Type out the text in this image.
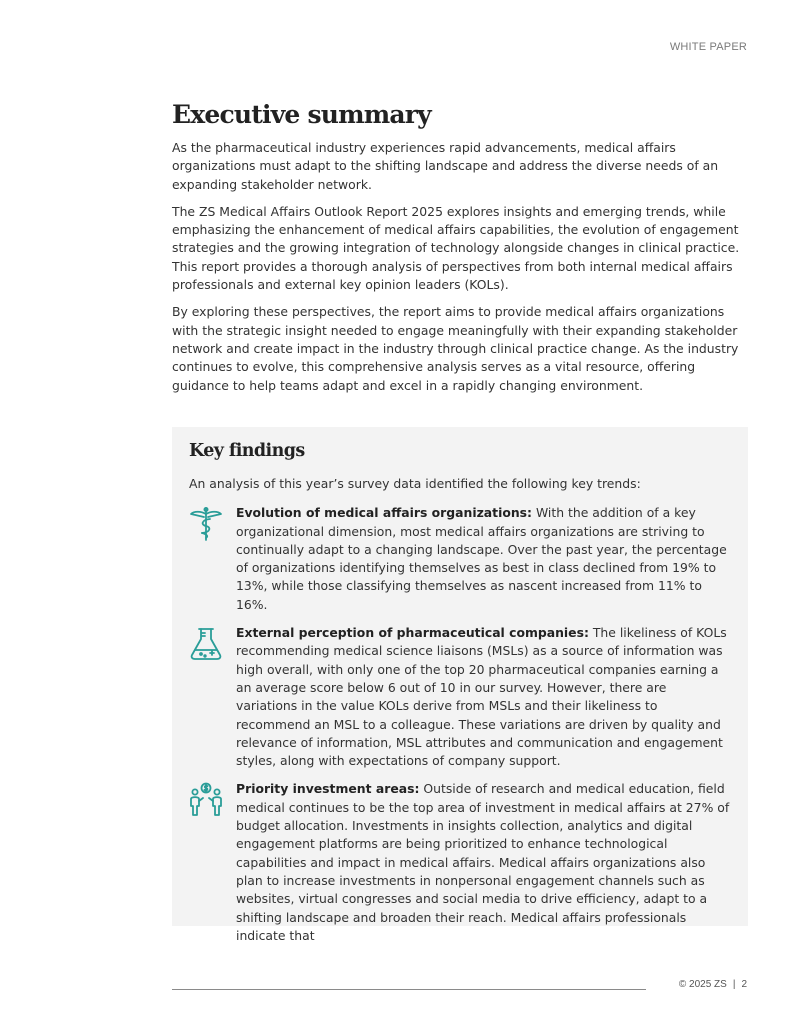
WHITE PAPER
Executive summary

As the pharmaceutical industry experiences rapid advancements, medical affairs organizations must adapt to the shifting landscape and address the diverse needs of an expanding stakeholder network.

The ZS Medical Affairs Outlook Report 2025 explores insights and emerging trends, while emphasizing the enhancement of medical affairs capabilities, the evolution of engagement strategies and the growing integration of technology alongside changes in clinical practice. This report provides a thorough analysis of perspectives from both internal medical affairs professionals and external key opinion leaders (KOLs).

By exploring these perspectives, the report aims to provide medical affairs organizations with the strategic insight needed to engage meaningfully with their expanding stakeholder network and create impact in the industry through clinical practice change. As the industry continues to evolve, this comprehensive analysis serves as a vital resource, offering guidance to help teams adapt and excel in a rapidly changing environment.

Key findings

An analysis of this year’s survey data identified the following key trends:

Evolution of medical affairs organizations: With the addition of a key organizational dimension, most medical affairs organizations are striving to continually adapt to a changing landscape. Over the past year, the percentage of organizations identifying themselves as best in class declined from 19% to 13%, while those classifying themselves as nascent increased from 11% to 16%.

External perception of pharmaceutical companies: The likeliness of KOLs recommending medical science liaisons (MSLs) as a source of information was high overall, with only one of the top 20 pharmaceutical companies earning a an average score below 6 out of 10 in our survey. However, there are variations in the value KOLs derive from MSLs and their likeliness to recommend an MSL to a colleague. These variations are driven by quality and relevance of information, MSL attributes and communication and engagement styles, along with expectations of company support.

Priority investment areas: Outside of research and medical education, field medical continues to be the top area of investment in medical affairs at 27% of budget allocation. Investments in insights collection, analytics and digital engagement platforms are being prioritized to enhance technological capabilities and impact in medical affairs. Medical affairs organizations also plan to increase investments in nonpersonal engagement channels such as websites, virtual congresses and social media to drive efficiency, adapt to a shifting landscape and broaden their reach. Medical affairs professionals indicate that

© 2025 ZS | 2
